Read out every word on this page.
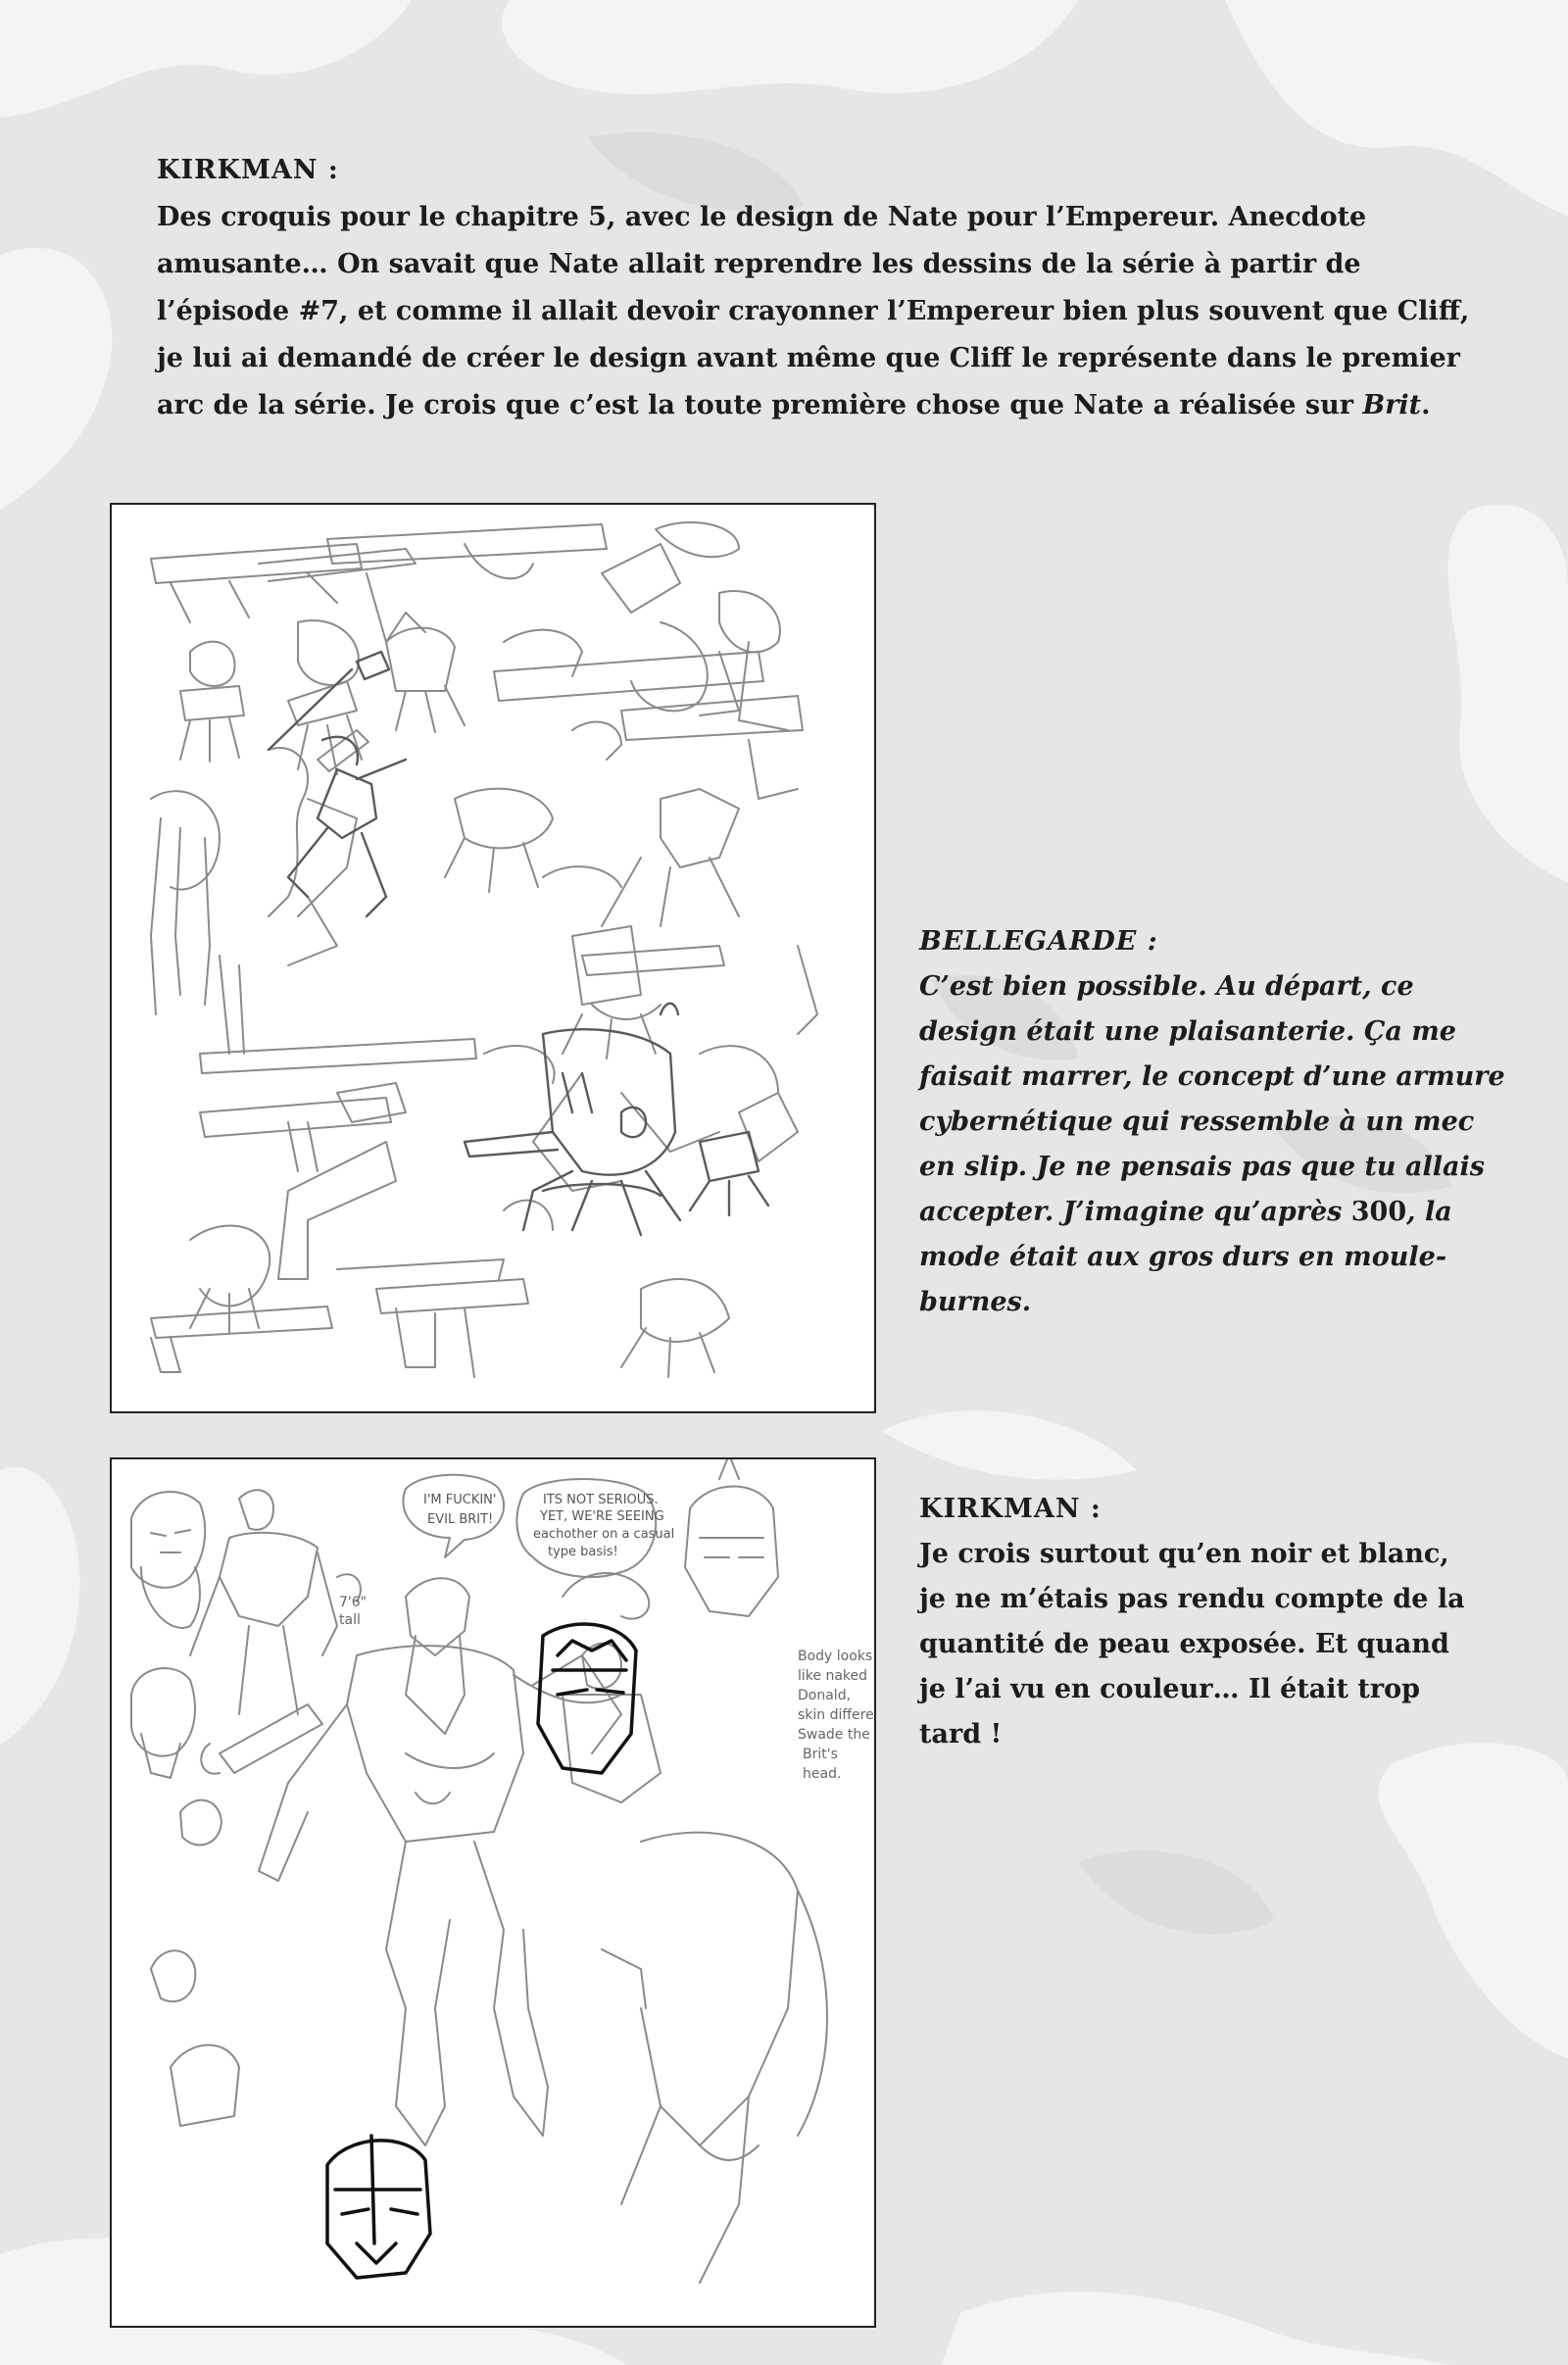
KIRKMAN :
Des croquis pour le chapitre 5, avec le design de Nate pour l’Empereur. Anecdote amusante… On savait que Nate allait reprendre les dessins de la série à partir de l’épisode #7, et comme il allait devoir crayonner l’Empereur bien plus souvent que Cliff, je lui ai demandé de créer le design avant même que Cliff le représente dans le premier arc de la série. Je crois que c’est la toute première chose que Nate a réalisée sur Brit.
BELLEGARDE :
C’est bien possible. Au départ, ce design était une plaisanterie. Ça me faisait marrer, le concept d’une armure cybernétique qui ressemble à un mec en slip. Je ne pensais pas que tu allais accepter. J’imagine qu’après 300, la mode était aux gros durs en moule-burnes.
I'M FUCKIN'
EVIL BRIT!
ITS NOT SERIOUS.
YET, WE'RE SEEING
eachother on a casual
type basis!
7'6"
tall
Body looks
like naked
Donald,
skin differe
Swade the
Brit's
head.
KIRKMAN :
Je crois surtout qu’en noir et blanc, je ne m’étais pas rendu compte de la quantité de peau exposée. Et quand je l’ai vu en couleur… Il était trop tard !
